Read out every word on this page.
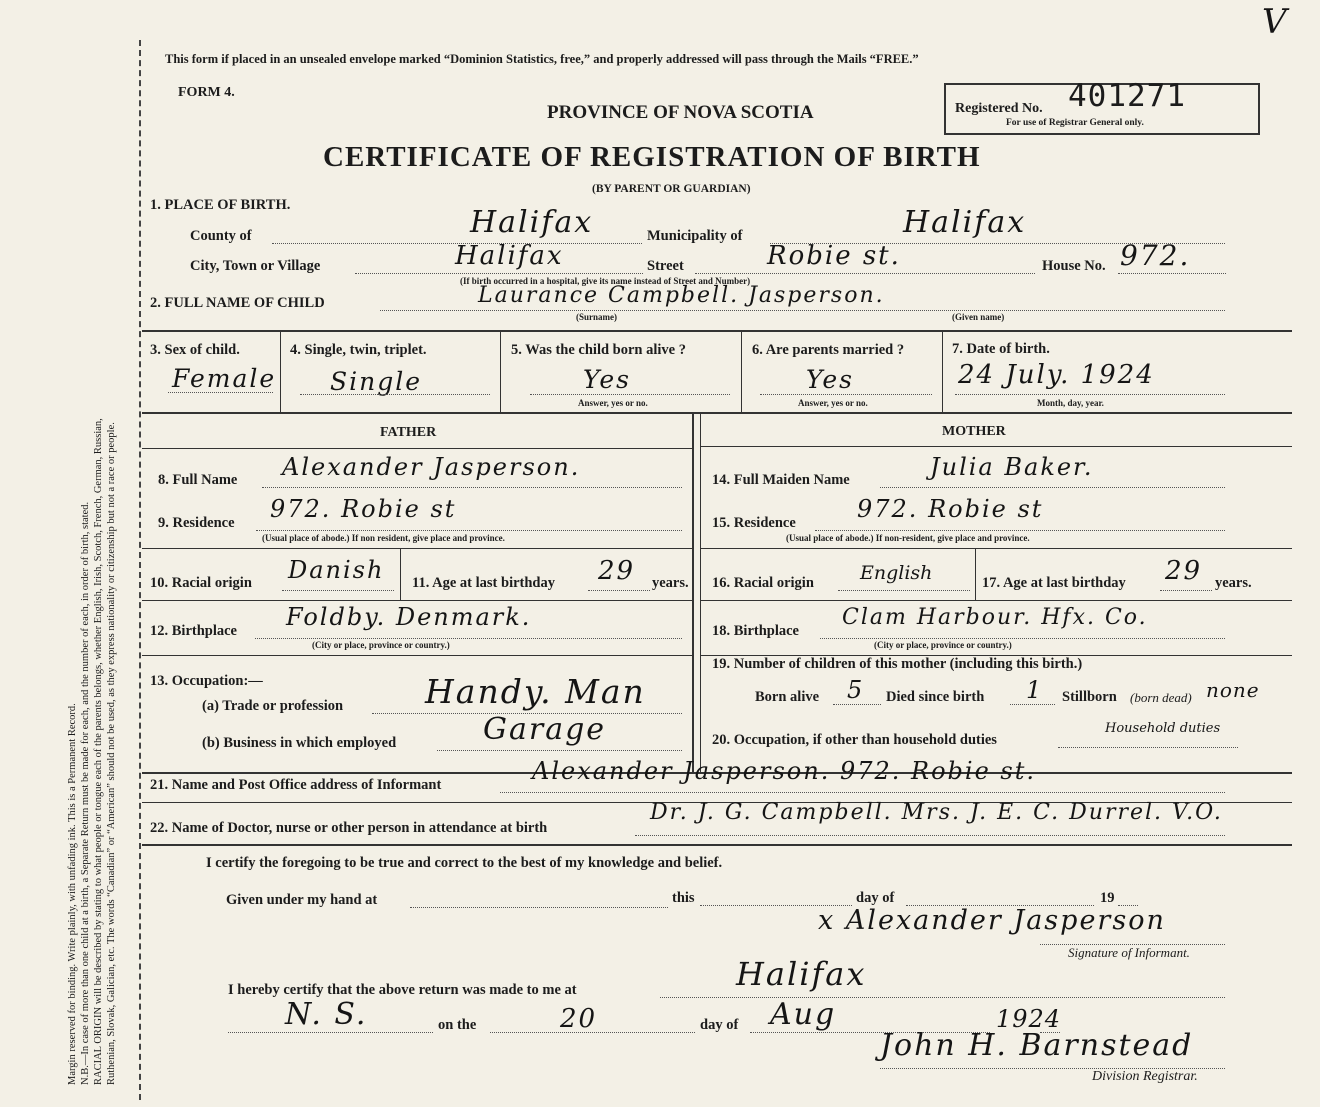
V
Margin reserved for binding. Write plainly, with unfading ink. This is a Permanent Record. N.B.—In case of more than one child at a birth, a Separate Return must be made for each, and the number of each, in order of birth, stated. RACIAL ORIGIN will be described by stating to what people or tongue each of the parents belongs, whether English, Irish, Scotch, French, German, Russian, Ruthenian, Slovak, Galician, etc. The words “Canadian” or “American” should not be used, as they express nationality or citizenship but not a race or people.
This form if placed in an unsealed envelope marked “Dominion Statistics, free,” and properly addressed will pass through the Mails “FREE.”
FORM 4.
PROVINCE OF NOVA SCOTIA	Registered No. 401271
For use of Registrar General only.
CERTIFICATE OF REGISTRATION OF BIRTH
(BY PARENT OR GUARDIAN)
1. PLACE OF BIRTH.
County of	Halifax	Municipality of	Halifax
City, Town or Village	Halifax	Street	Robie st.	House No. 972.
(If birth occurred in a hospital, give its name instead of Street and Number)
2. FULL NAME OF CHILD	Laurance Campbell. Jasperson.
(Surname)	(Given name)
3. Sex of child.
Female
4. Single, twin, triplet.
Single
5. Was the child born alive ?
Yes
Answer, yes or no.
6. Are parents married ?
Yes
Answer, yes or no.
7. Date of birth.
24 July. 1924
Month, day, year.
FATHER	MOTHER
8. Full Name Alexander Jasperson.
9. Residence 972. Robie st
(Usual place of abode.) If non resident, give place and province.
10. Racial origin Danish 11. Age at last birthday 29 years.
12. Birthplace Foldby. Denmark.
(City or place, province or country.)
13. Occupation:—
(a) Trade or profession Handy. Man
(b) Business in which employed	Garage
14. Full Maiden Name	Julia Baker.
15. Residence	972. Robie st
(Usual place of abode.) If non-resident, give place and province.
16. Racial origin English	17. Age at last birthday 29 years.
18. Birthplace
Clam Harbour. Hfx. Co.
(City or place, province or country.)
19. Number of children of this mother (including this birth.)
Born alive 5 Died since birth 1 Stillborn (born dead) none
20. Occupation, if other than household duties
Household duties
21. Name and Post Office address of Informant	Alexander Jasperson. 972. Robie st.
22. Name of Doctor, nurse or other person in attendance at birth
Dr. J. G. Campbell. Mrs. J. E. C. Durrel. V.O.
I certify the foregoing to be true and correct to the best of my knowledge and belief.
Given under my hand at	this	day of	19
x Alexander Jasperson
Signature of Informant.
I hereby certify that the above return was made to me at	Halifax
N. S.	on the	20	day of Aug	1924
John H. Barnstead
Division Registrar.
